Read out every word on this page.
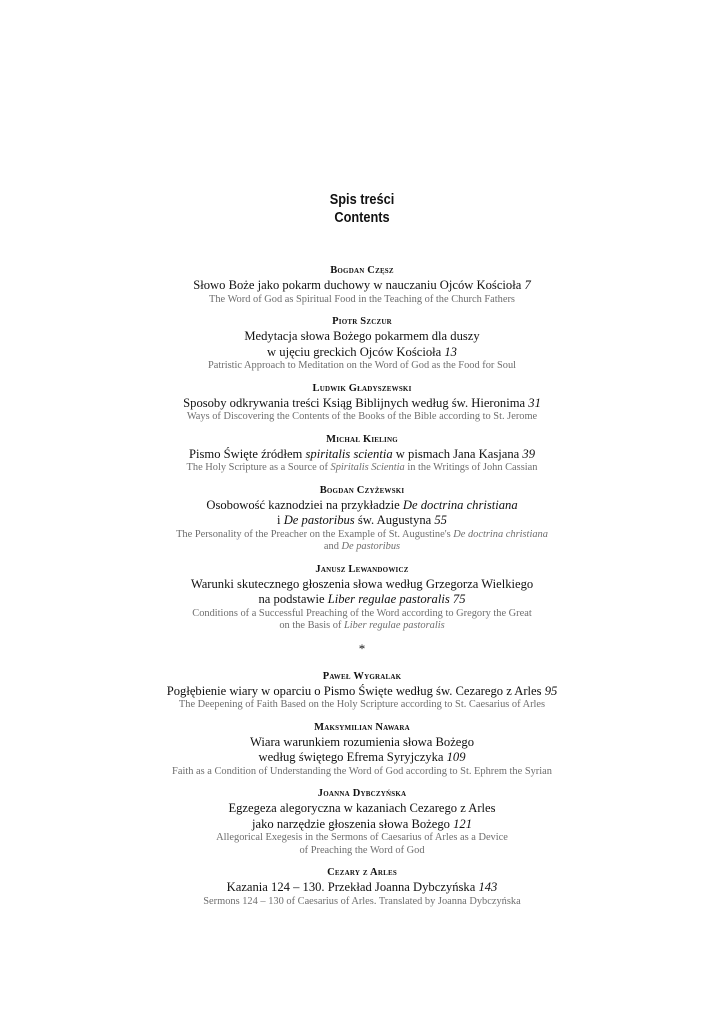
Spis treści
Contents
Bogdan Częsz
Słowo Boże jako pokarm duchowy w nauczaniu Ojców Kościoła 7
The Word of God as Spiritual Food in the Teaching of the Church Fathers
Piotr Szczur
Medytacja słowa Bożego pokarmem dla duszy
w ujęciu greckich Ojców Kościoła 13
Patristic Approach to Meditation on the Word of God as the Food for Soul
Ludwik Gładyszewski
Sposoby odkrywania treści Ksiąg Biblijnych według św. Hieronima 31
Ways of Discovering the Contents of the Books of the Bible according to St. Jerome
Michał Kieling
Pismo Święte źródłem spiritalis scientia w pismach Jana Kasjana 39
The Holy Scripture as a Source of Spiritalis Scientia in the Writings of John Cassian
Bogdan Czyżewski
Osobowość kaznodziei na przykładzie De doctrina christiana
i De pastoribus św. Augustyna 55
The Personality of the Preacher on the Example of St. Augustine's De doctrina christiana
and De pastoribus
Janusz Lewandowicz
Warunki skutecznego głoszenia słowa według Grzegorza Wielkiego
na podstawie Liber regulae pastoralis 75
Conditions of a Successful Preaching of the Word according to Gregory the Great
on the Basis of Liber regulae pastoralis
*
Paweł Wygralak
Pogłębienie wiary w oparciu o Pismo Święte według św. Cezarego z Arles 95
The Deepening of Faith Based on the Holy Scripture according to St. Caesarius of Arles
Maksymilian Nawara
Wiara warunkiem rozumienia słowa Bożego
według świętego Efrema Syryjczyka 109
Faith as a Condition of Understanding the Word of God according to St. Ephrem the Syrian
Joanna Dybczyńska
Egzegeza alegoryczna w kazaniach Cezarego z Arles
jako narzędzie głoszenia słowa Bożego 121
Allegorical Exegesis in the Sermons of Caesarius of Arles as a Device
of Preaching the Word of God
Cezary z Arles
Kazania 124 – 130. Przekład Joanna Dybczyńska 143
Sermons 124 – 130 of Caesarius of Arles. Translated by Joanna Dybczyńska
